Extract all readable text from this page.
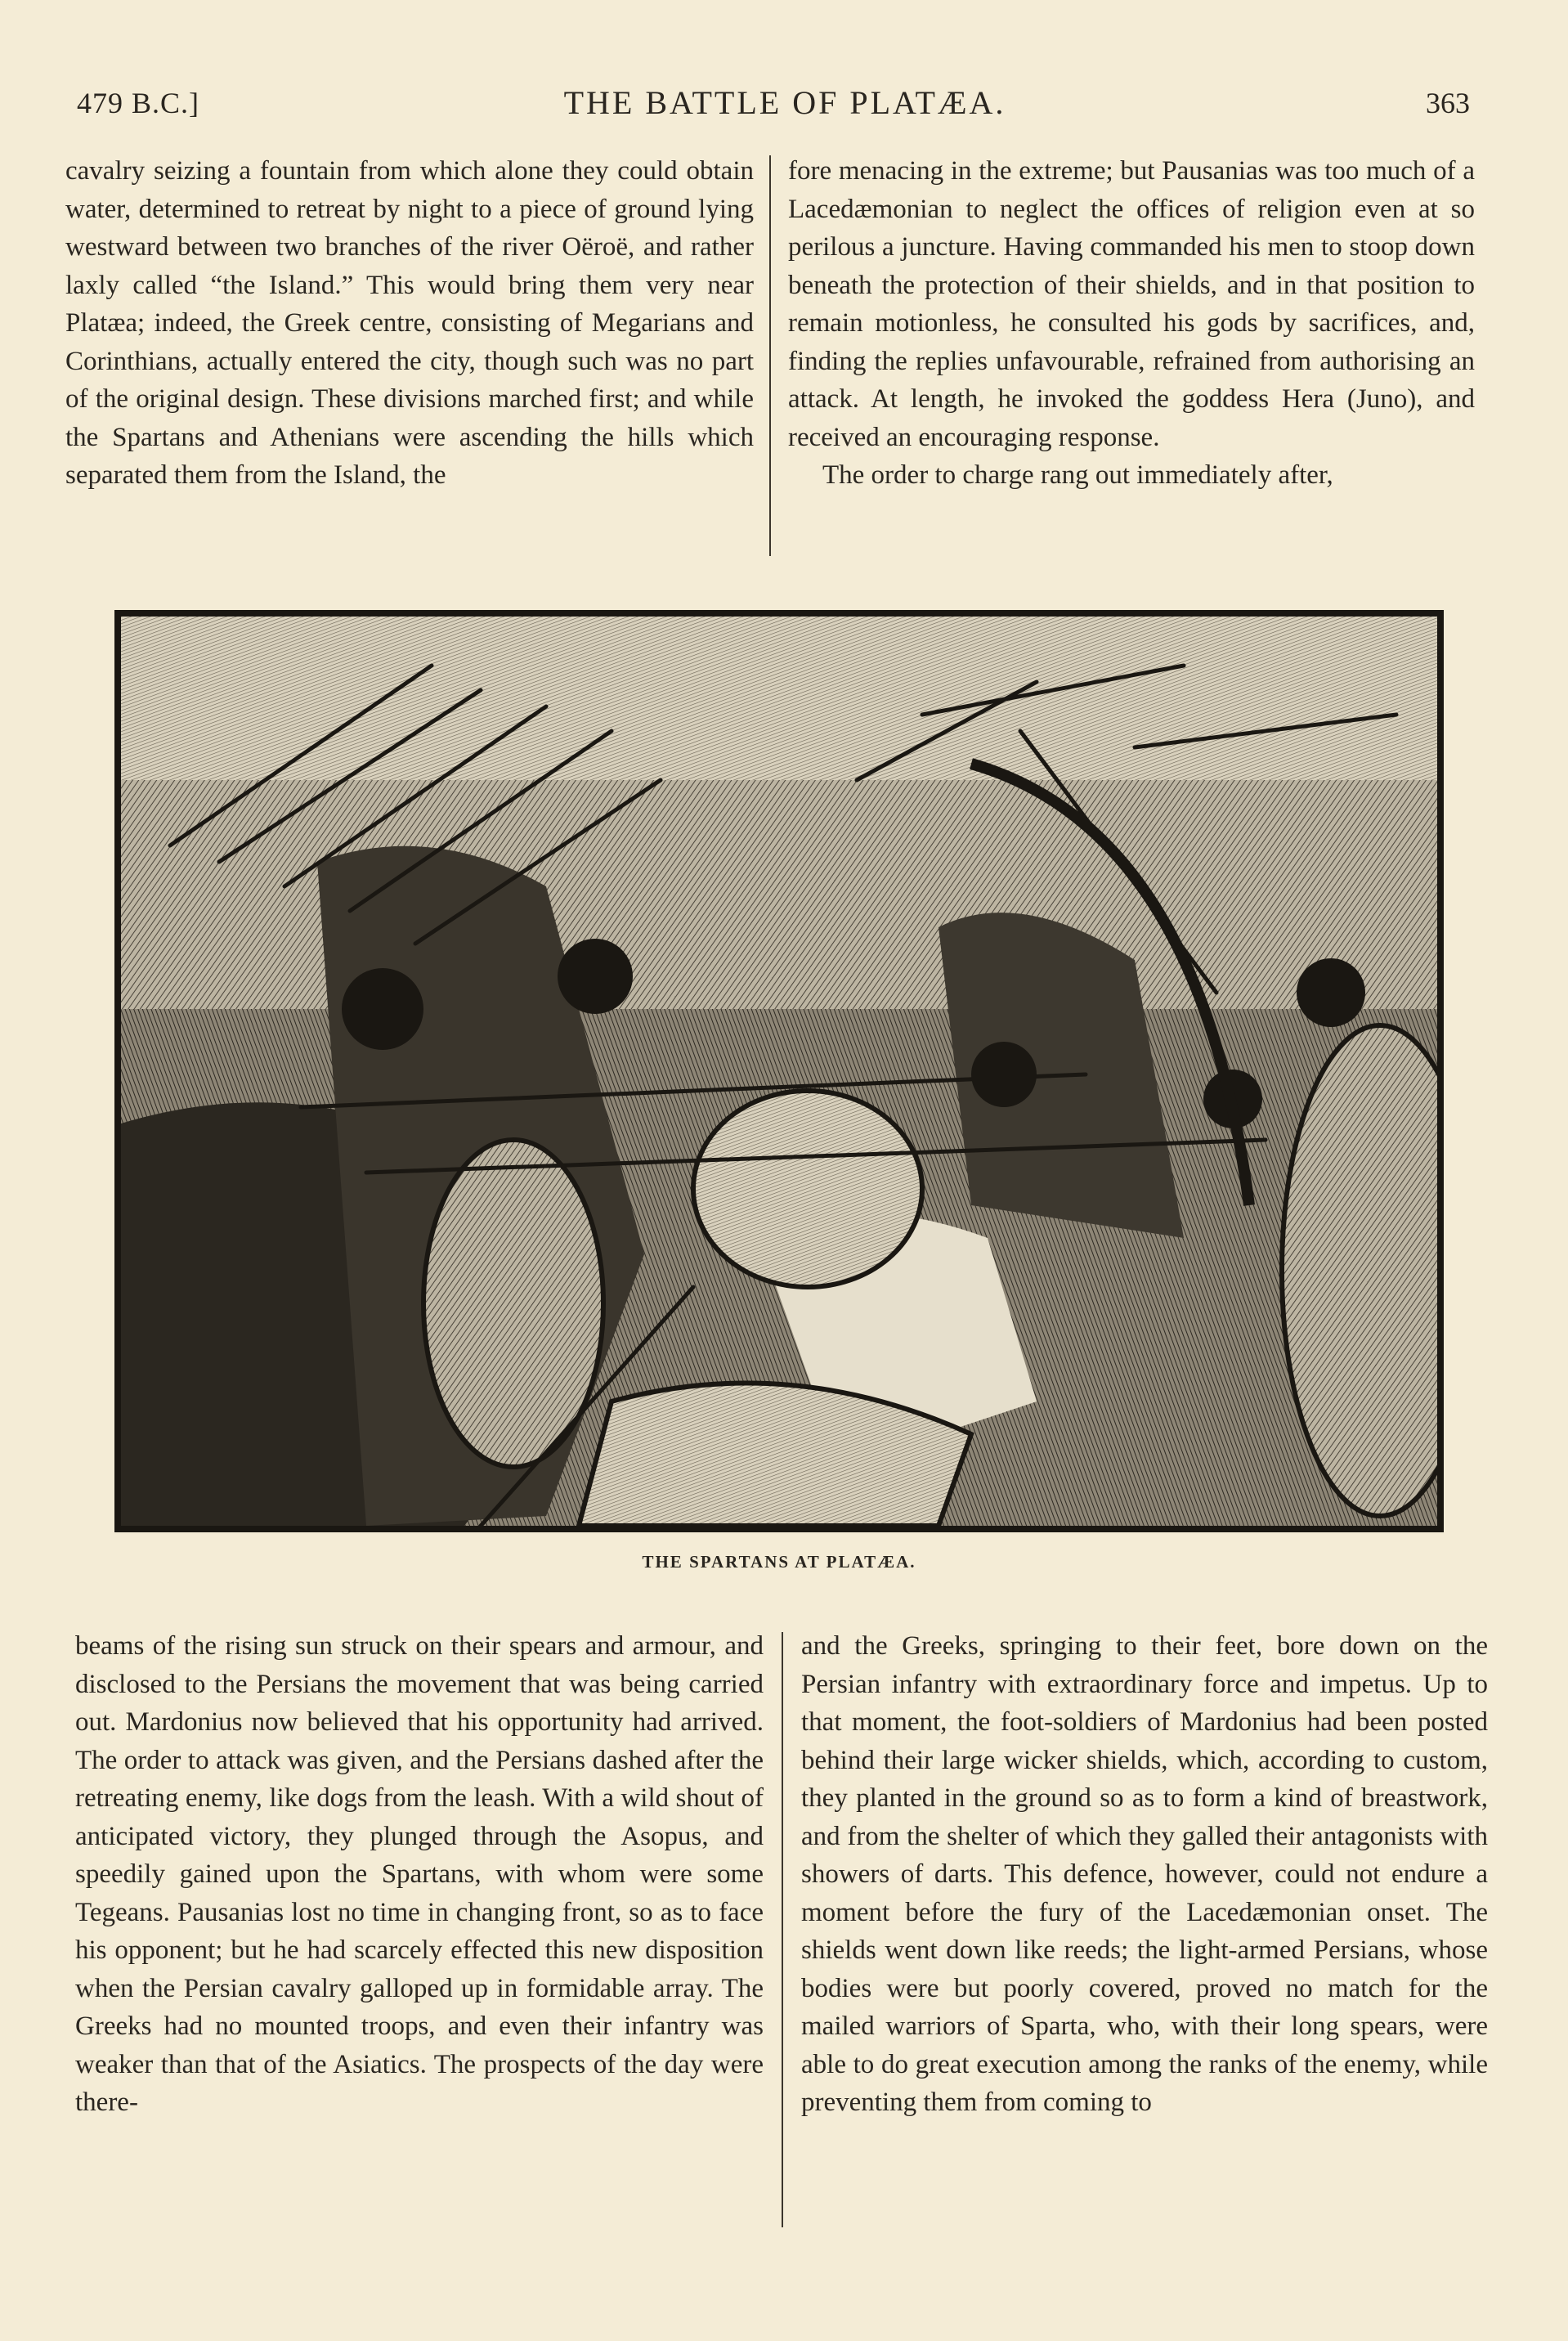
479 B.C.]	THE BATTLE OF PLATÆA.	363

cavalry seizing a fountain from which alone they could obtain water, determined to retreat by night to a piece of ground lying westward between two branches of the river Oëroë, and rather laxly called “the Island.” This would bring them very near Platæa; indeed, the Greek centre, consisting of Megarians and Corinthians, actually entered the city, though such was no part of the original design. These divisions marched first; and while the Spartans and Athenians were ascending the hills which separated them from the Island, the

fore menacing in the extreme; but Pausanias was too much of a Lacedæmonian to neglect the offices of religion even at so perilous a juncture. Having commanded his men to stoop down beneath the protection of their shields, and in that position to remain motionless, he consulted his gods by sacrifices, and, finding the replies unfavourable, refrained from authorising an attack. At length, he invoked the goddess Hera (Juno), and received an encouraging response.

The order to charge rang out immediately after,

THE SPARTANS AT PLATÆA.

beams of the rising sun struck on their spears and armour, and disclosed to the Persians the movement that was being carried out. Mardonius now believed that his opportunity had arrived. The order to attack was given, and the Persians dashed after the retreating enemy, like dogs from the leash. With a wild shout of anticipated victory, they plunged through the Asopus, and speedily gained upon the Spartans, with whom were some Tegeans. Pausanias lost no time in changing front, so as to face his opponent; but he had scarcely effected this new disposition when the Persian cavalry galloped up in formidable array. The Greeks had no mounted troops, and even their infantry was weaker than that of the Asiatics. The prospects of the day were there-

and the Greeks, springing to their feet, bore down on the Persian infantry with extraordinary force and impetus. Up to that moment, the foot-soldiers of Mardonius had been posted behind their large wicker shields, which, according to custom, they planted in the ground so as to form a kind of breastwork, and from the shelter of which they galled their antagonists with showers of darts. This defence, however, could not endure a moment before the fury of the Lacedæmonian onset. The shields went down like reeds; the light-armed Persians, whose bodies were but poorly covered, proved no match for the mailed warriors of Sparta, who, with their long spears, were able to do great execution among the ranks of the enemy, while preventing them from coming to
